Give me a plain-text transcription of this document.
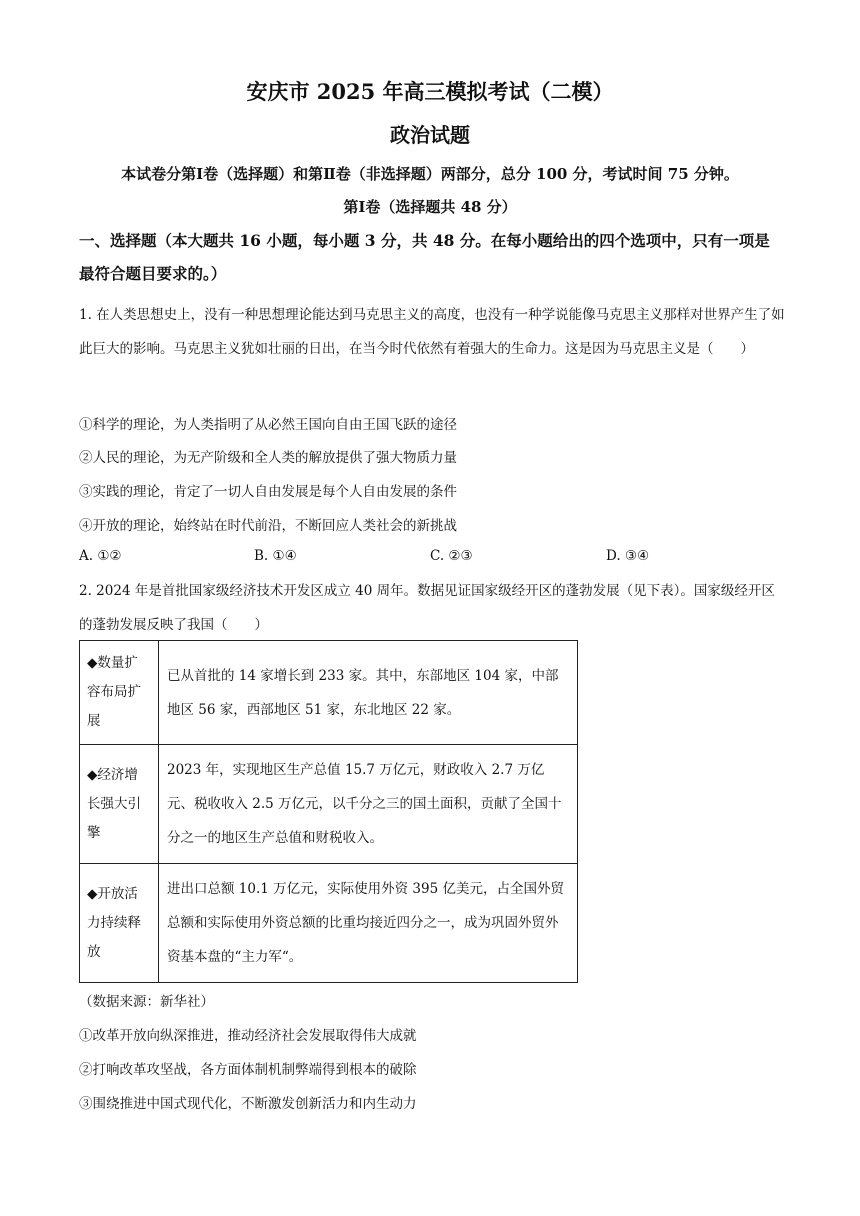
安庆市 2025 年高三模拟考试（二模）
政治试题
本试卷分第Ⅰ卷（选择题）和第Ⅱ卷（非选择题）两部分，总分 100 分，考试时间 75 分钟。
第Ⅰ卷（选择题共 48 分）
一、选择题（本大题共 16 小题，每小题 3 分，共 48 分。在每小题给出的四个选项中，只有一项是最符合题目要求的。）
1. 在人类思想史上，没有一种思想理论能达到马克思主义的高度，也没有一种学说能像马克思主义那样对世界产生了如此巨大的影响。马克思主义犹如壮丽的日出，在当今时代依然有着强大的生命力。这是因为马克思主义是（　　）
①科学的理论，为人类指明了从必然王国向自由王国飞跃的途径
②人民的理论，为无产阶级和全人类的解放提供了强大物质力量
③实践的理论，肯定了一切人自由发展是每个人自由发展的条件
④开放的理论，始终站在时代前沿，不断回应人类社会的新挑战
A. ①②	B. ①④	C. ②③	D. ③④
2. 2024 年是首批国家级经济技术开发区成立 40 周年。数据见证国家级经开区的蓬勃发展（见下表）。国家级经开区的蓬勃发展反映了我国（　　）
◆数量扩容布局扩展	已从首批的 14 家增长到 233 家。其中，东部地区 104 家，中部地区 56 家，西部地区 51 家，东北地区 22 家。
◆经济增长强大引擎	2023 年，实现地区生产总值 15.7 万亿元，财政收入 2.7 万亿元、税收收入 2.5 万亿元，以千分之三的国土面积，贡献了全国十分之一的地区生产总值和财税收入。
◆开放活力持续释放	进出口总额 10.1 万亿元，实际使用外资 395 亿美元，占全国外贸总额和实际使用外资总额的比重均接近四分之一，成为巩固外贸外资基本盘的“主力军“。
（数据来源：新华社）
①改革开放向纵深推进，推动经济社会发展取得伟大成就
②打响改革攻坚战，各方面体制机制弊端得到根本的破除
③围绕推进中国式现代化，不断激发创新活力和内生动力
